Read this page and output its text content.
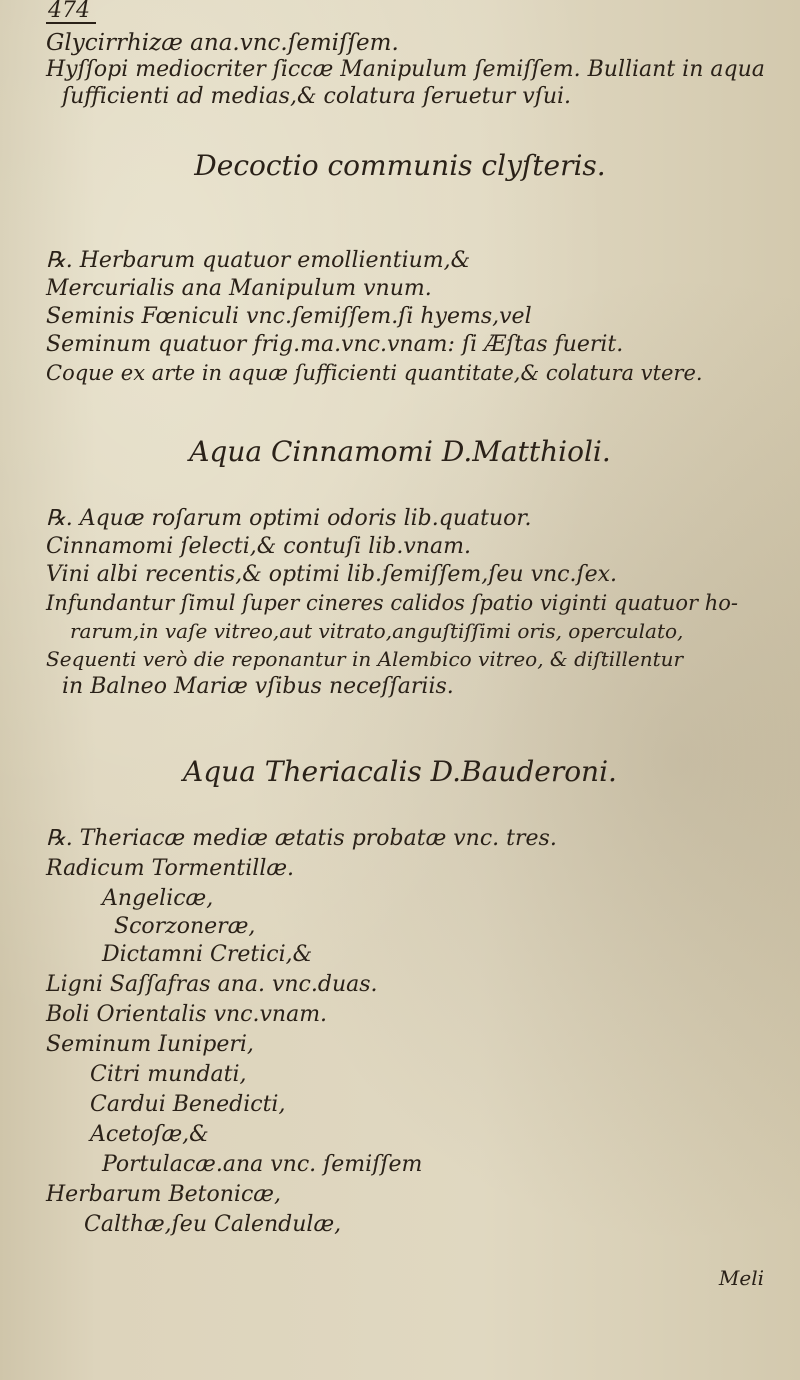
474
Glycirrhizæ ana.vnc.ſemiſſem.
Hyſſopi mediocriter ſiccæ Manipulum ſemiſſem. Bulliant in aqua
ſufficienti ad medias,& colatura ſeruetur vſui.
Decoctio communis clyſteris.
℞. Herbarum quatuor emollientium,&
Mercurialis ana Manipulum vnum.
Seminis Fœniculi vnc.ſemiſſem.ſi hyems,vel
Seminum quatuor frig.ma.vnc.vnam: ſi Æſtas fuerit.
Coque ex arte in aquæ ſufficienti quantitate,& colatura vtere.
Aqua Cinnamomi D.Matthioli.
℞. Aquæ roſarum optimi odoris lib.quatuor.
Cinnamomi ſelecti,& contuſi lib.vnam.
Vini albi recentis,& optimi lib.ſemiſſem,ſeu vnc.ſex.
Infundantur ſimul ſuper cineres calidos ſpatio viginti quatuor ho-
rarum,in vaſe vitreo,aut vitrato,anguſtiſſimi oris, operculato,
Sequenti verò die reponantur in Alembico vitreo, & diſtillentur
in Balneo Mariæ vſibus neceſſariis.
Aqua Theriacalis D.Bauderoni.
℞. Theriacæ mediæ ætatis probatæ vnc. tres.
Radicum Tormentillæ.
Angelicæ,
Scorzoneræ,
Dictamni Cretici,&
Ligni Saſſafras ana. vnc.duas.
Boli Orientalis vnc.vnam.
Seminum Iuniperi,
Citri mundati,
Cardui Benedicti,
Acetoſæ,&
Portulacæ.ana vnc. ſemiſſem
Herbarum Betonicæ,
Calthæ,ſeu Calendulæ,
Meli
